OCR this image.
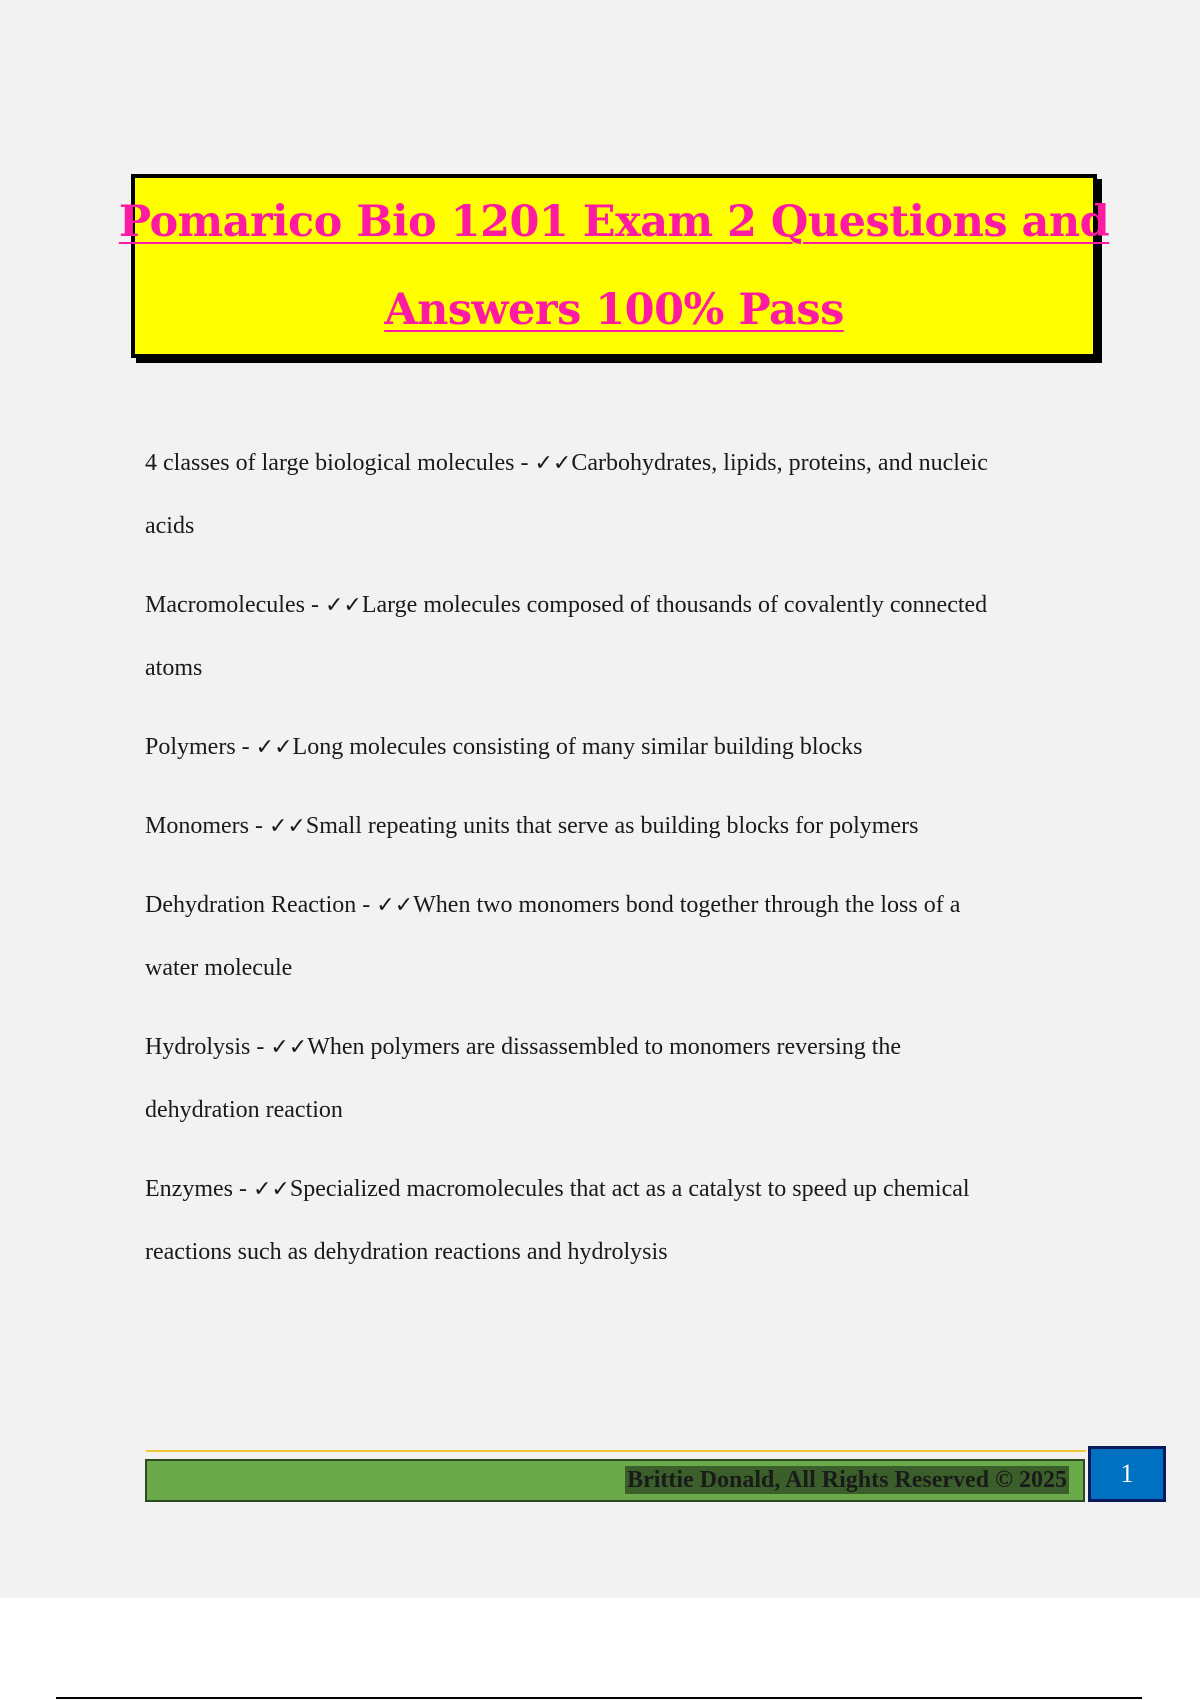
Pomarico Bio 1201 Exam 2 Questions and
Answers 100% Pass
4 classes of large biological molecules - ✓✓Carbohydrates, lipids, proteins, and nucleic
acids
Macromolecules - ✓✓Large molecules composed of thousands of covalently connected
atoms
Polymers - ✓✓Long molecules consisting of many similar building blocks
Monomers - ✓✓Small repeating units that serve as building blocks for polymers
Dehydration Reaction - ✓✓When two monomers bond together through the loss of a
water molecule
Hydrolysis - ✓✓When polymers are dissassembled to monomers reversing the
dehydration reaction
Enzymes - ✓✓Specialized macromolecules that act as a catalyst to speed up chemical
reactions such as dehydration reactions and hydrolysis
Brittie Donald, All Rights Reserved © 2025 1
